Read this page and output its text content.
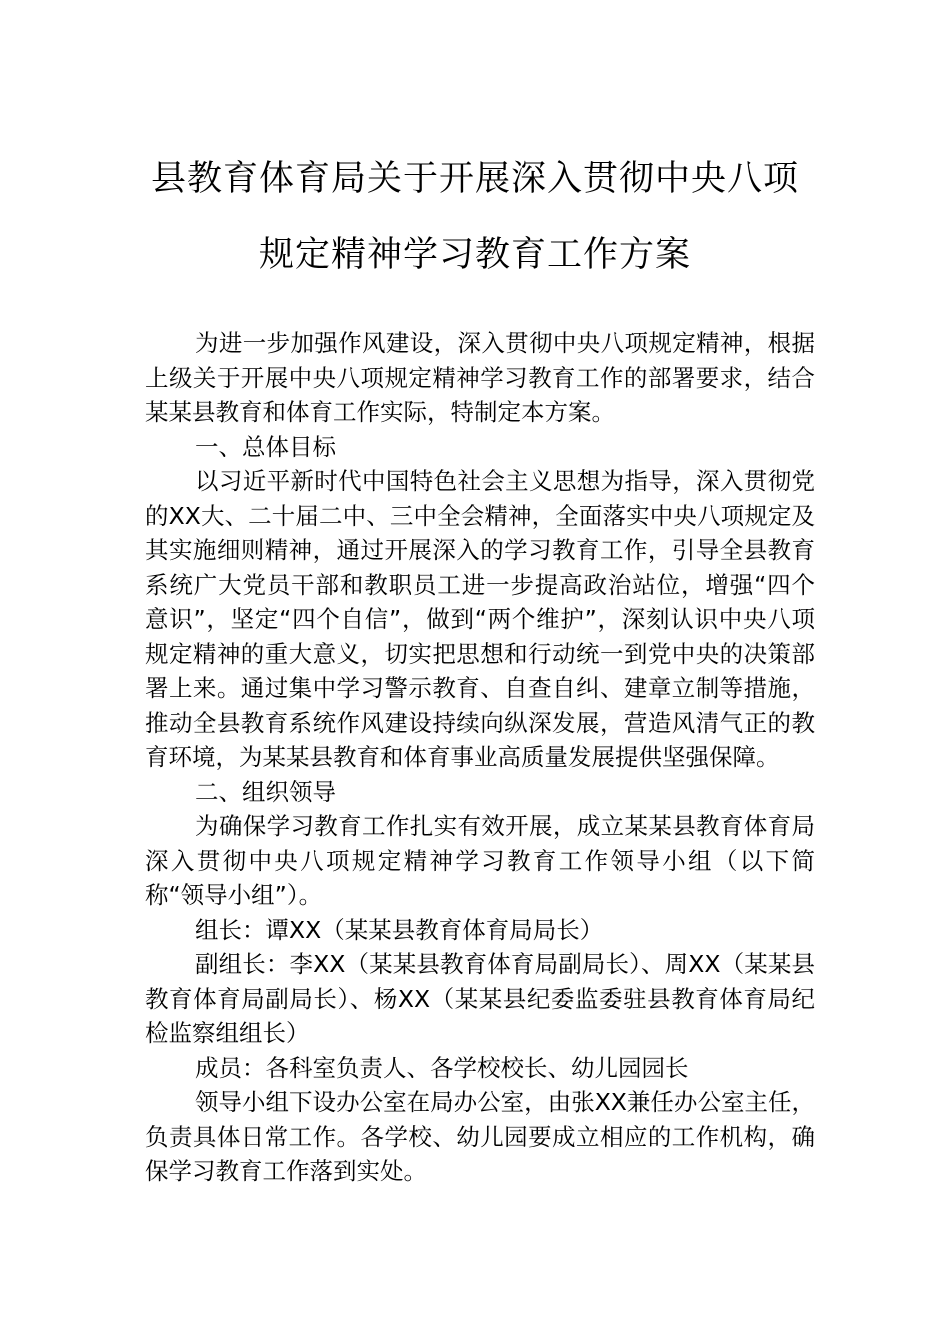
县教育体育局关于开展深入贯彻中央八项
规定精神学习教育工作方案

为进一步加强作风建设，深入贯彻中央八项规定精神，根据上级关于开展中央八项规定精神学习教育工作的部署要求，结合某某县教育和体育工作实际，特制定本方案。

一、总体目标

以习近平新时代中国特色社会主义思想为指导，深入贯彻党的XX大、二十届二中、三中全会精神，全面落实中央八项规定及其实施细则精神，通过开展深入的学习教育工作，引导全县教育系统广大党员干部和教职员工进一步提高政治站位，增强“四个意识”，坚定“四个自信”，做到“两个维护”，深刻认识中央八项规定精神的重大意义，切实把思想和行动统一到党中央的决策部署上来。通过集中学习警示教育、自查自纠、建章立制等措施，推动全县教育系统作风建设持续向纵深发展，营造风清气正的教育环境，为某某县教育和体育事业高质量发展提供坚强保障。

二、组织领导

为确保学习教育工作扎实有效开展，成立某某县教育体育局深入贯彻中央八项规定精神学习教育工作领导小组（以下简称“领导小组”）。

组长：谭XX（某某县教育体育局局长）

副组长：李XX（某某县教育体育局副局长）、周XX（某某县教育体育局副局长）、杨XX（某某县纪委监委驻县教育体育局纪检监察组组长）

成员：各科室负责人、各学校校长、幼儿园园长

领导小组下设办公室在局办公室，由张XX兼任办公室主任，负责具体日常工作。各学校、幼儿园要成立相应的工作机构，确保学习教育工作落到实处。
